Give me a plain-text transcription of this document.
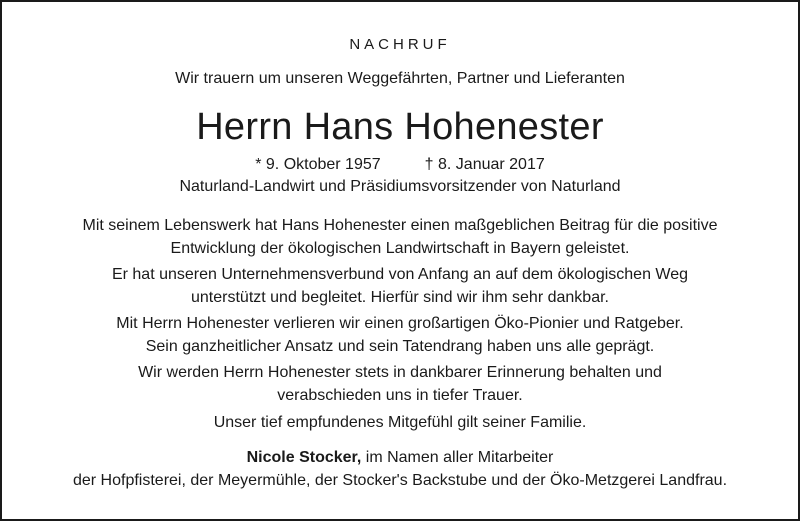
NACHRUF
Wir trauern um unseren Weggefährten, Partner und Lieferanten
Herrn Hans Hohenester
* 9. Oktober 1957	† 8. Januar 2017
Naturland-Landwirt und Präsidiumsvorsitzender von Naturland
Mit seinem Lebenswerk hat Hans Hohenester einen maßgeblichen Beitrag für die positive
Entwicklung der ökologischen Landwirtschaft in Bayern geleistet.
Er hat unseren Unternehmensverbund von Anfang an auf dem ökologischen Weg
unterstützt und begleitet. Hierfür sind wir ihm sehr dankbar.
Mit Herrn Hohenester verlieren wir einen großartigen Öko-Pionier und Ratgeber.
Sein ganzheitlicher Ansatz und sein Tatendrang haben uns alle geprägt.
Wir werden Herrn Hohenester stets in dankbarer Erinnerung behalten und
verabschieden uns in tiefer Trauer.
Unser tief empfundenes Mitgefühl gilt seiner Familie.
Nicole Stocker, im Namen aller Mitarbeiter
der Hofpfisterei, der Meyermühle, der Stocker's Backstube und der Öko-Metzgerei Landfrau.
